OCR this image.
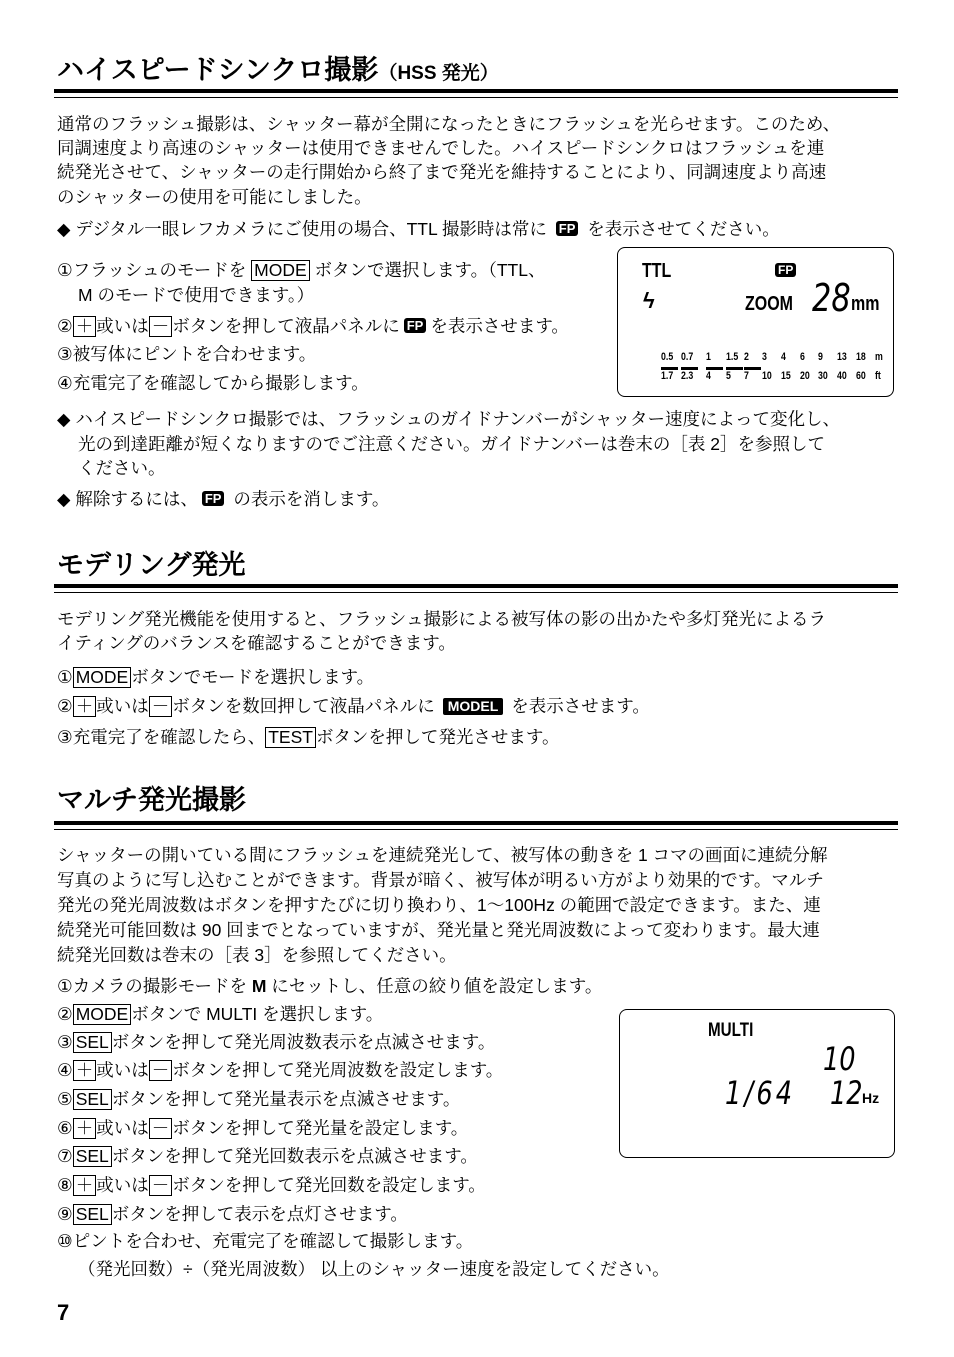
ハイスピードシンクロ撮影（HSS 発光）
モデリング発光
マルチ発光撮影
通常のフラッシュ撮影は、シャッター幕が全開になったときにフラッシュを光らせます。このため、
同調速度より高速のシャッターは使用できませんでした。ハイスピードシンクロはフラッシュを連
続発光させて、シャッターの走行開始から終了まで発光を維持することにより、同調速度より高速
のシャッターの使用を可能にしました。
◆ デジタル一眼レフカメラにご使用の場合、TTL 撮影時は常に FP を表示させてください。
①フラッシュのモードを MODE ボタンで選択します。（TTL、
M のモードで使用できます。）
② ＋ 或いは － ボタンを押して液晶パネルに FP を表示させます。
③被写体にピントを合わせます。
④充電完了を確認してから撮影します。
◆ ハイスピードシンクロ撮影では、フラッシュのガイドナンバーがシャッター速度によって変化し、
光の到達距離が短くなりますのでご注意ください。ガイドナンバーは巻末の［表 2］を参照して
ください。
◆ 解除するには、 FP の表示を消します。
モデリング発光機能を使用すると、フラッシュ撮影による被写体の影の出かたや多灯発光によるラ
イティングのバランスを確認することができます。
① MODE ボタンでモードを選択します。
② ＋ 或いは － ボタンを数回押して液晶パネルに MODEL を表示させます。
③充電完了を確認したら、 TEST ボタンを押して発光させます。
シャッターの開いている間にフラッシュを連続発光して、被写体の動きを 1 コマの画面に連続分解
写真のように写し込むことができます。背景が暗く、被写体が明るい方がより効果的です。マルチ
発光の発光周波数はボタンを押すたびに切り換わり、1〜100Hz の範囲で設定できます。また、連
続発光可能回数は 90 回までとなっていますが、発光量と発光周波数によって変わります。最大連
続発光回数は巻末の［表 3］を参照してください。
①カメラの撮影モードを M にセットし、任意の絞り値を設定します。
② MODE ボタンで MULTI を選択します。
③ SEL ボタンを押して発光周波数表示を点滅させます。
④ ＋ 或いは － ボタンを押して発光周波数を設定します。
⑤ SEL ボタンを押して発光量表示を点滅させます。
⑥ ＋ 或いは － ボタンを押して発光量を設定します。
⑦ SEL ボタンを押して発光回数表示を点滅させます。
⑧ ＋ 或いは － ボタンを押して発光回数を設定します。
⑨ SEL ボタンを押して表示を点灯させます。
⑩ピントを合わせ、充電完了を確認して撮影します。
（発光回数）÷（発光周波数） 以上のシャッター速度を設定してください。
TTL	FP
ϟ	ZOOM 28 mm
0.5
1.7
0.7
2.3
1
4
1.5
5
2
7
3
10
4
15
6
20
9
30
13
40
18
60
m
ft
MULTI
10
1/64 12 Hz
7
